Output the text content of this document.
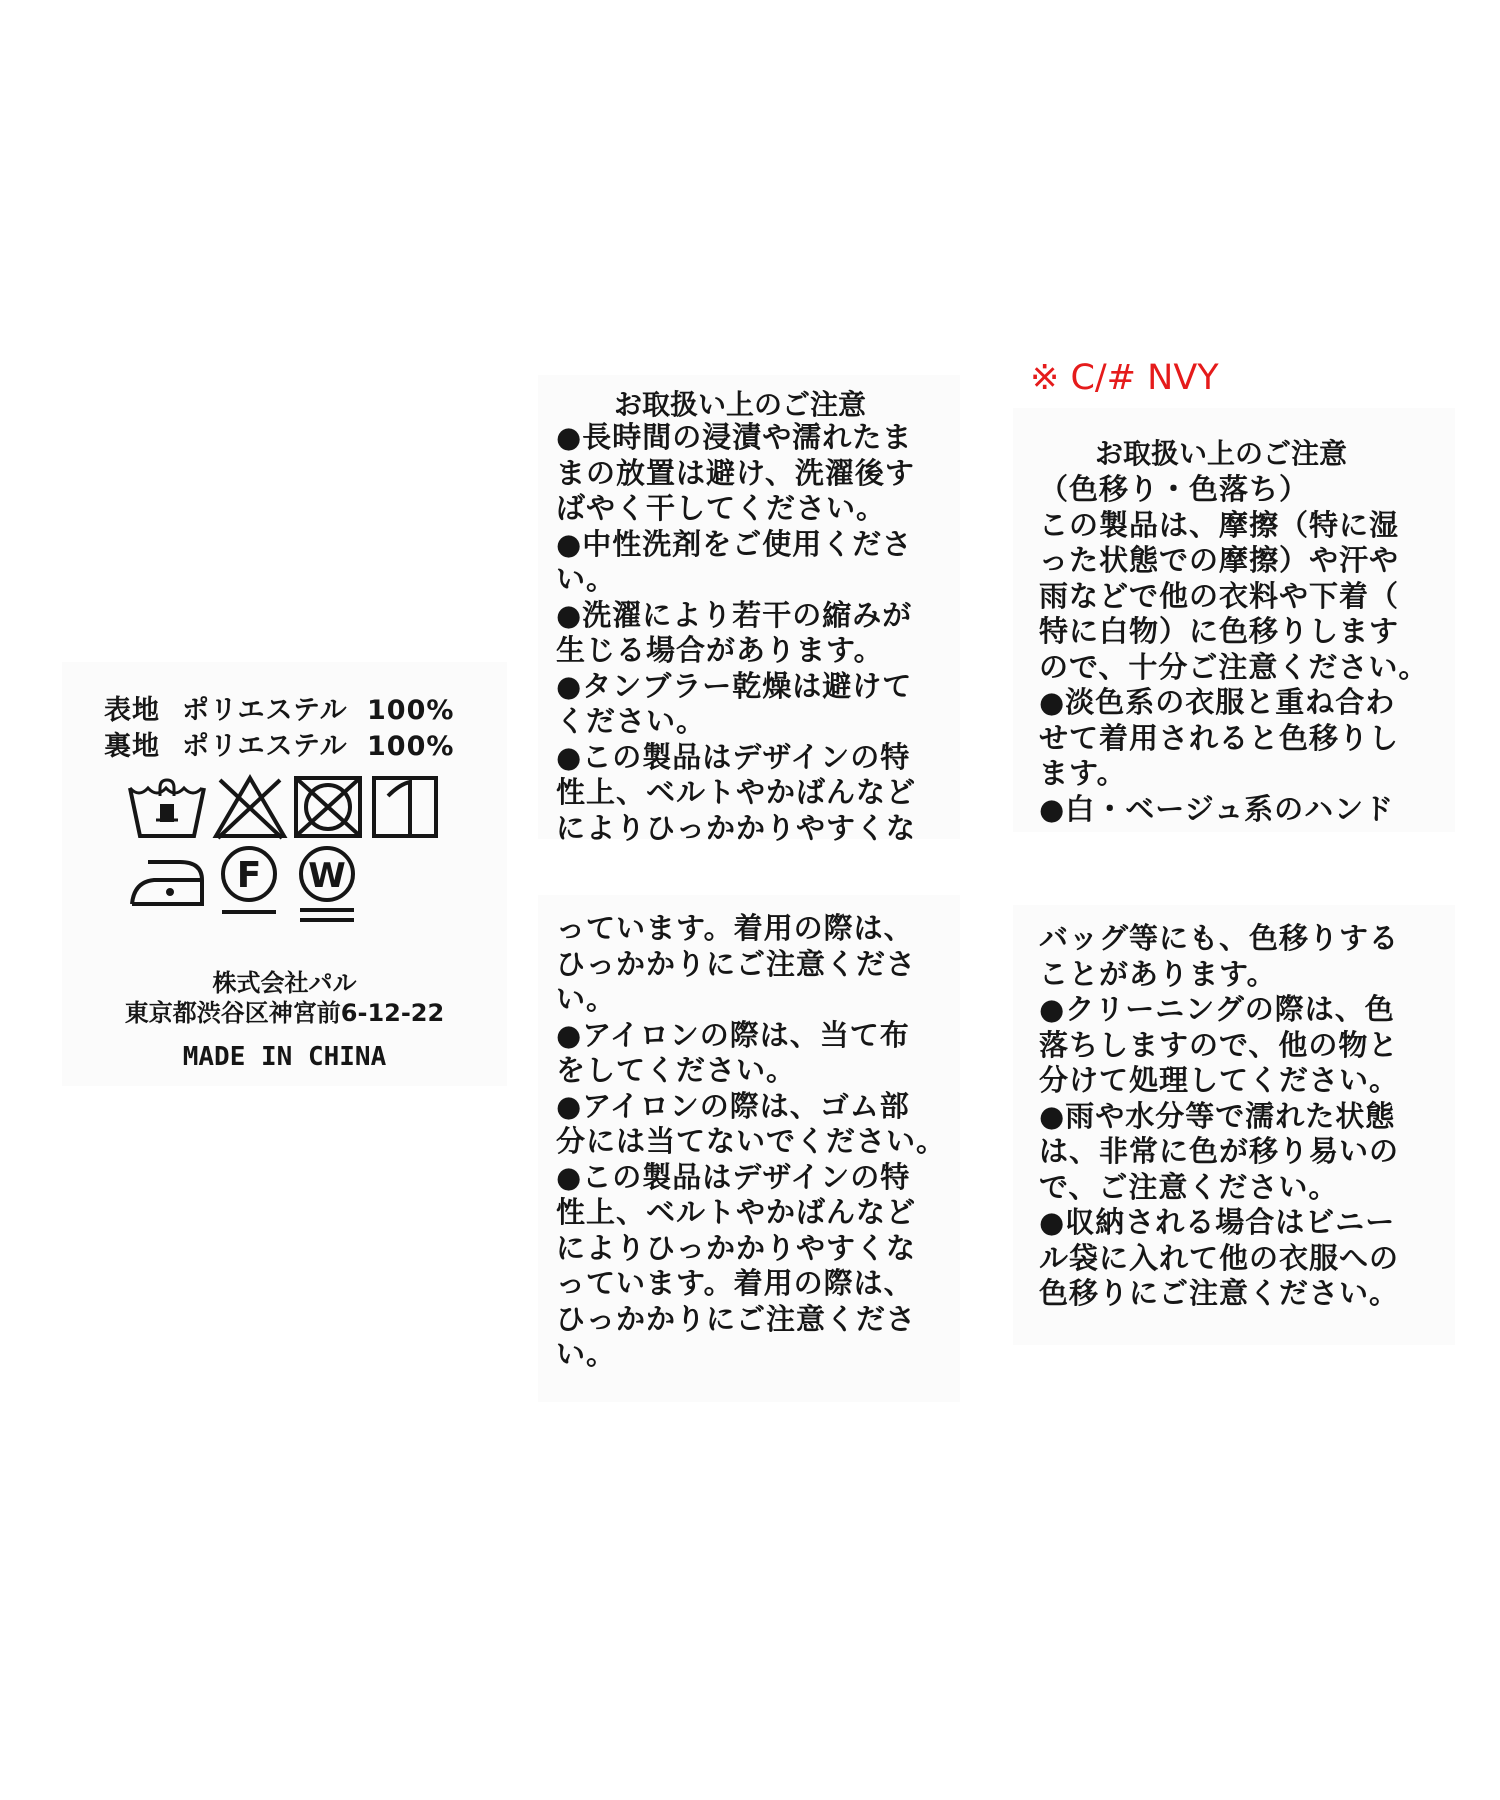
※ C/# NVY
表地 ポリエステル 100%
裏地 ポリエステル 100%
F W
株式会社パル
東京都渋谷区神宮前6-12-22
MADE IN CHINA
お取扱い上のご注意
●長時間の浸漬や濡れたま
まの放置は避け、洗濯後す
ばやく干してください。
●中性洗剤をご使用くださ
い。
●洗濯により若干の縮みが
生じる場合があります。
●タンブラー乾燥は避けて
ください。
●この製品はデザインの特
性上、ベルトやかばんなど
によりひっかかりやすくな
っています。着用の際は、
ひっかかりにご注意くださ
い。
●アイロンの際は、当て布
をしてください。
●アイロンの際は、ゴム部
分には当てないでください。
●この製品はデザインの特
性上、ベルトやかばんなど
によりひっかかりやすくな
っています。着用の際は、
ひっかかりにご注意くださ
い。
お取扱い上のご注意
（色移り・色落ち）
この製品は、摩擦（特に湿
った状態での摩擦）や汗や
雨などで他の衣料や下着（
特に白物）に色移りします
ので、十分ご注意ください。
●淡色系の衣服と重ね合わ
せて着用されると色移りし
ます。
●白・ベージュ系のハンド
バッグ等にも、色移りする
ことがあります。
●クリーニングの際は、色
落ちしますので、他の物と
分けて処理してください。
●雨や水分等で濡れた状態
は、非常に色が移り易いの
で、ご注意ください。
●収納される場合はビニー
ル袋に入れて他の衣服への
色移りにご注意ください。
